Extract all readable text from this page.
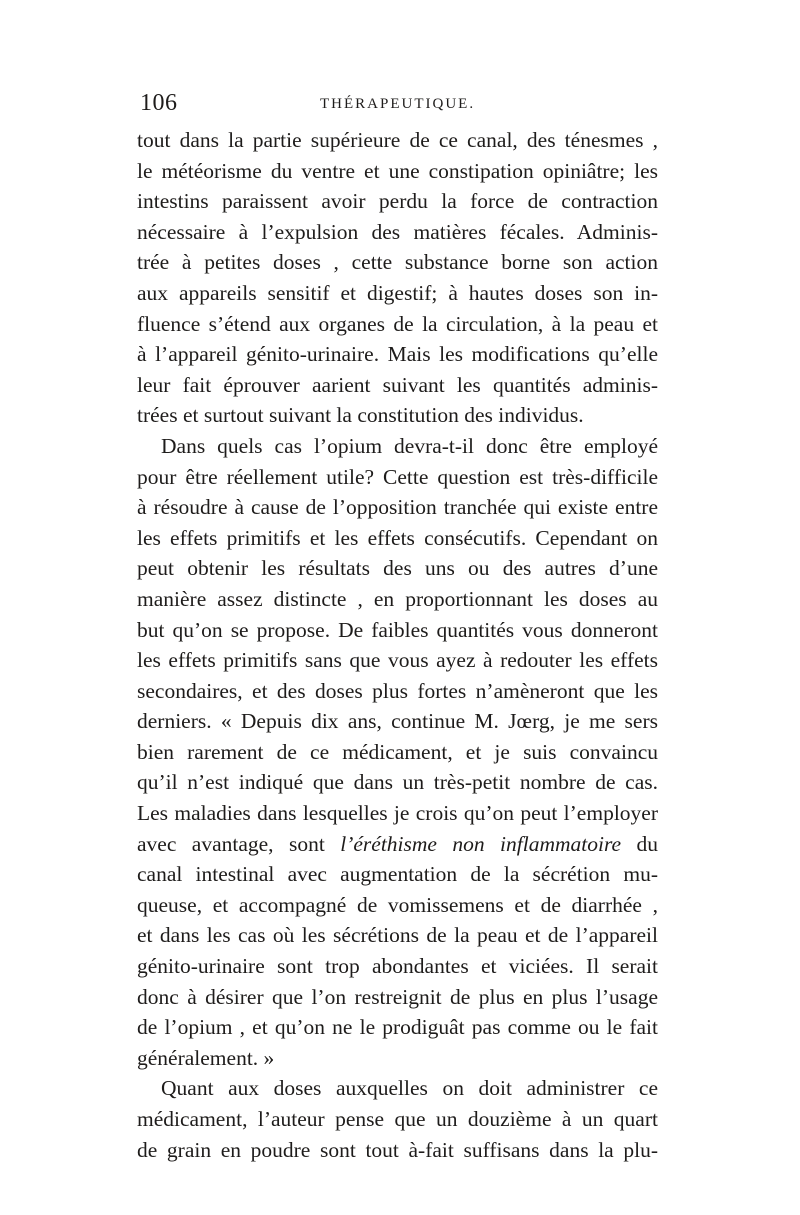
106	THÉRAPEUTIQUE.
tout dans la partie supérieure de ce canal, des ténesmes ,
le météorisme du ventre et une constipation opiniâtre; les
intestins paraissent avoir perdu la force de contraction
nécessaire à l’expulsion des matières fécales. Adminis-
trée à petites doses , cette substance borne son action
aux appareils sensitif et digestif; à hautes doses son in-
fluence s’étend aux organes de la circulation, à la peau et
à l’appareil génito-urinaire. Mais les modifications qu’elle
leur fait éprouver aarient suivant les quantités adminis-
trées et surtout suivant la constitution des individus.
Dans quels cas l’opium devra-t-il donc être employé
pour être réellement utile? Cette question est très-difficile
à résoudre à cause de l’opposition tranchée qui existe entre
les effets primitifs et les effets consécutifs. Cependant on
peut obtenir les résultats des uns ou des autres d’une
manière assez distincte , en proportionnant les doses au
but qu’on se propose. De faibles quantités vous donneront
les effets primitifs sans que vous ayez à redouter les effets
secondaires, et des doses plus fortes n’amèneront que les
derniers. « Depuis dix ans, continue M. Jœrg, je me sers
bien rarement de ce médicament, et je suis convaincu
qu’il n’est indiqué que dans un très-petit nombre de cas.
Les maladies dans lesquelles je crois qu’on peut l’employer
avec avantage, sont l’éréthisme non inflammatoire du
canal intestinal avec augmentation de la sécrétion mu-
queuse, et accompagné de vomissemens et de diarrhée ,
et dans les cas où les sécrétions de la peau et de l’appareil
génito-urinaire sont trop abondantes et viciées. Il serait
donc à désirer que l’on restreignit de plus en plus l’usage
de l’opium , et qu’on ne le prodiguât pas comme ou le fait
généralement. »
Quant aux doses auxquelles on doit administrer ce
médicament, l’auteur pense que un douzième à un quart
de grain en poudre sont tout à-fait suffisans dans la plu-
